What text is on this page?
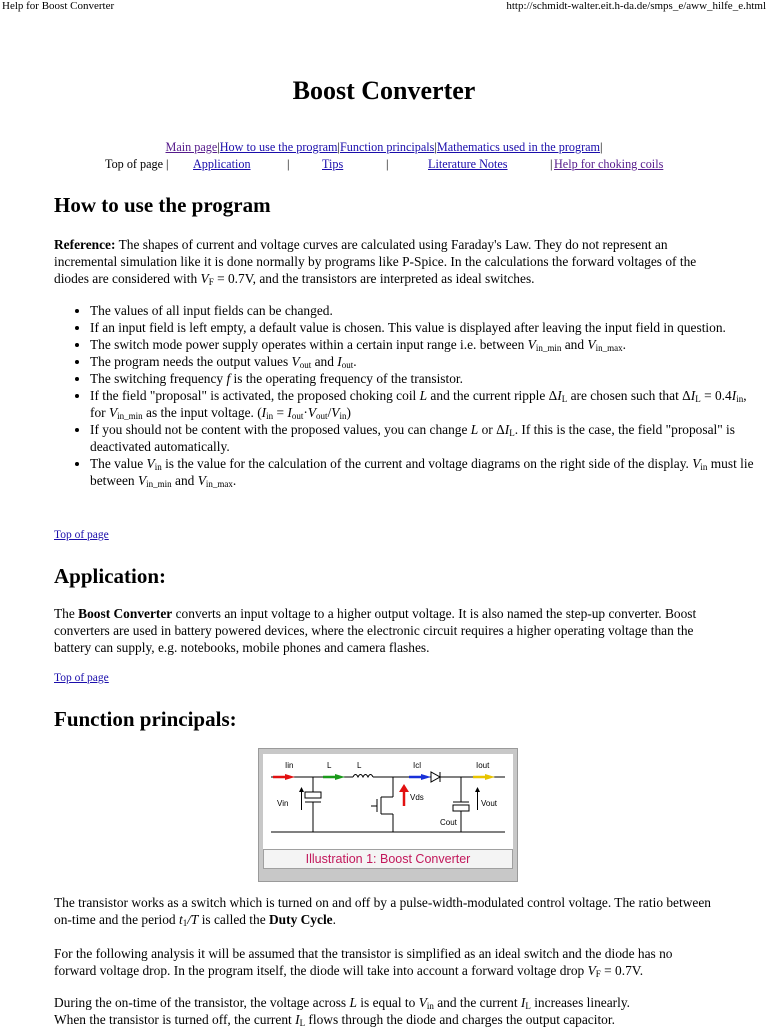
Help for Boost Converter	http://schmidt-walter.eit.h-da.de/smps_e/aww_hilfe_e.html
Boost Converter
Main page|How to use the program|Function principals|Mathematics used in the program|
Top of page | Application	|	Tips	|	Literature Notes	| Help for choking coils
How to use the program
Reference: The shapes of current and voltage curves are calculated using Faraday's Law. They do not represent an incremental simulation like it is done normally by programs like P-Spice. In the calculations the forward voltages of the diodes are considered with $V_F = 0.7V$, and the transistors are interpreted as ideal switches.
• The values of all input fields can be changed.
• If an input field is left empty, a default value is chosen. This value is displayed after leaving the input field in question.
• The switch mode power supply operates within a certain input range i.e. between $V_{in\_min}$ and $V_{in\_max}$.
• The program needs the output values $V_{out}$ and $I_{out}$.
• The switching frequency f is the operating frequency of the transistor.
• If the field "proposal" is activated, the proposed choking coil L and the current ripple $\Delta I_L$ are chosen such that $\Delta I_L = 0.4I_{in}$, for $V_{in\_min}$ as the input voltage. $(I_{in} = I_{out}\cdot V_{out}/V_{in})$
• If you should not be content with the proposed values, you can change L or $\Delta I_L$. If this is the case, the field "proposal" is deactivated automatically.
• The value $V_{in}$ is the value for the calculation of the current and voltage diagrams on the right side of the display. $V_{in}$ must lie between $V_{in\_min}$ and $V_{in\_max}$.
Top of page
Application:
The Boost Converter converts an input voltage to a higher output voltage. It is also named the step-up converter. Boost converters are used in battery powered devices, where the electronic circuit requires a higher operating voltage than the battery can supply, e.g. notebooks, mobile phones and camera flashes.
Top of page
Function principals:
Iin	L	L	Icl	Iout
Vin
Vds
Vout
Cout
Illustration 1: Boost Converter
The transistor works as a switch which is turned on and off by a pulse-width-modulated control voltage. The ratio between on-time and the period $t_1/T$ is called the Duty Cycle.
For the following analysis it will be assumed that the transistor is simplified as an ideal switch and the diode has no forward voltage drop. In the program itself, the diode will take into account a forward voltage drop $V_F = 0.7V$.
During the on-time of the transistor, the voltage across L is equal to $V_{in}$ and the current $I_L$ increases linearly.
When the transistor is turned off, the current $I_L$ flows through the diode and charges the output capacitor.
